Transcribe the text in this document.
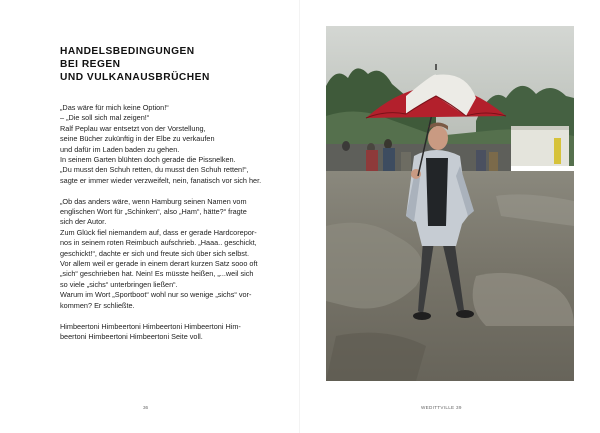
HANDELSBEDINGUNGEN
BEI REGEN
UND VULKANAUSBRÜCHEN
„Das wäre für mich keine Option!“
– „Die soll sich mal zeigen!“
Ralf Peplau war entsetzt von der Vorstellung,
seine Bücher zukünftig in der Elbe zu verkaufen
und dafür im Laden baden zu gehen.
In seinem Garten blühten doch gerade die Pissnelken.
„Du musst den Schuh retten, du musst den Schuh retten!“,
sagte er immer wieder verzweifelt, nein, fanatisch vor sich her.
„Ob das anders wäre, wenn Hamburg seinen Namen vom
englischen Wort für „Schinken“, also „Ham“, hätte?“ fragte
sich der Autor.
Zum Glück fiel niemandem auf, dass er gerade Hardcorepor-
nos in seinem roten Reimbuch aufschrieb. „Haaa.. geschickt,
geschickt!“, dachte er sich und freute sich über sich selbst.
Vor allem weil er gerade in einem derart kurzen Satz sooo oft
„sich“ geschrieben hat. Nein! Es müsste heißen, „...weil sich
so viele „sichs“ unterbringen ließen“.
Warum im Wort „Sportboot“ wohl nur so wenige „sichs“ vor-
kommen? Er schließte.
Himbeertoni Himbeertoni Himbeertoni Himbeertoni Him-
beertoni Himbeertoni Himbeertoni Seite voll.
36	WEDITTVILLE 39
